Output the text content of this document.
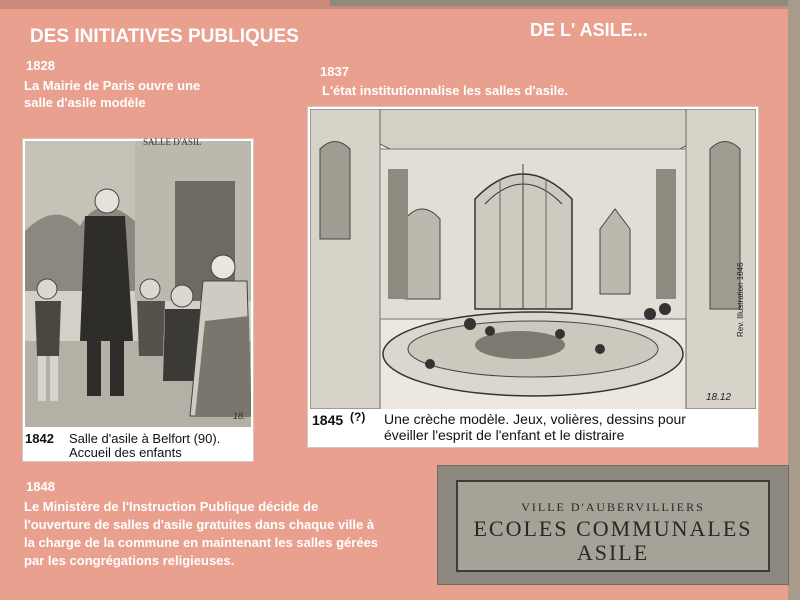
DES INITIATIVES PUBLIQUES	DE L' ASILE...
1828
La Mairie de Paris ouvre une
salle d'asile modèle
1837
L'état institutionnalise les salles d'asile.
SALLE D'ASIL
18.
1842 Salle d'asile à Belfort (90).
Accueil des enfants
18.12
Rev. Illustration 1846
1845 (?) Une crèche modèle. Jeux, volières, dessins pour
éveiller l'esprit de l'enfant et le distraire
1848
Le Ministère de l'Instruction Publique décide de
l'ouverture de salles d'asile gratuites dans chaque ville à
la charge de la commune en maintenant les salles gérées
par les congrégations religieuses.
VILLE D'AUBERVILLIERS
ECOLES COMMUNALES
ASILE
